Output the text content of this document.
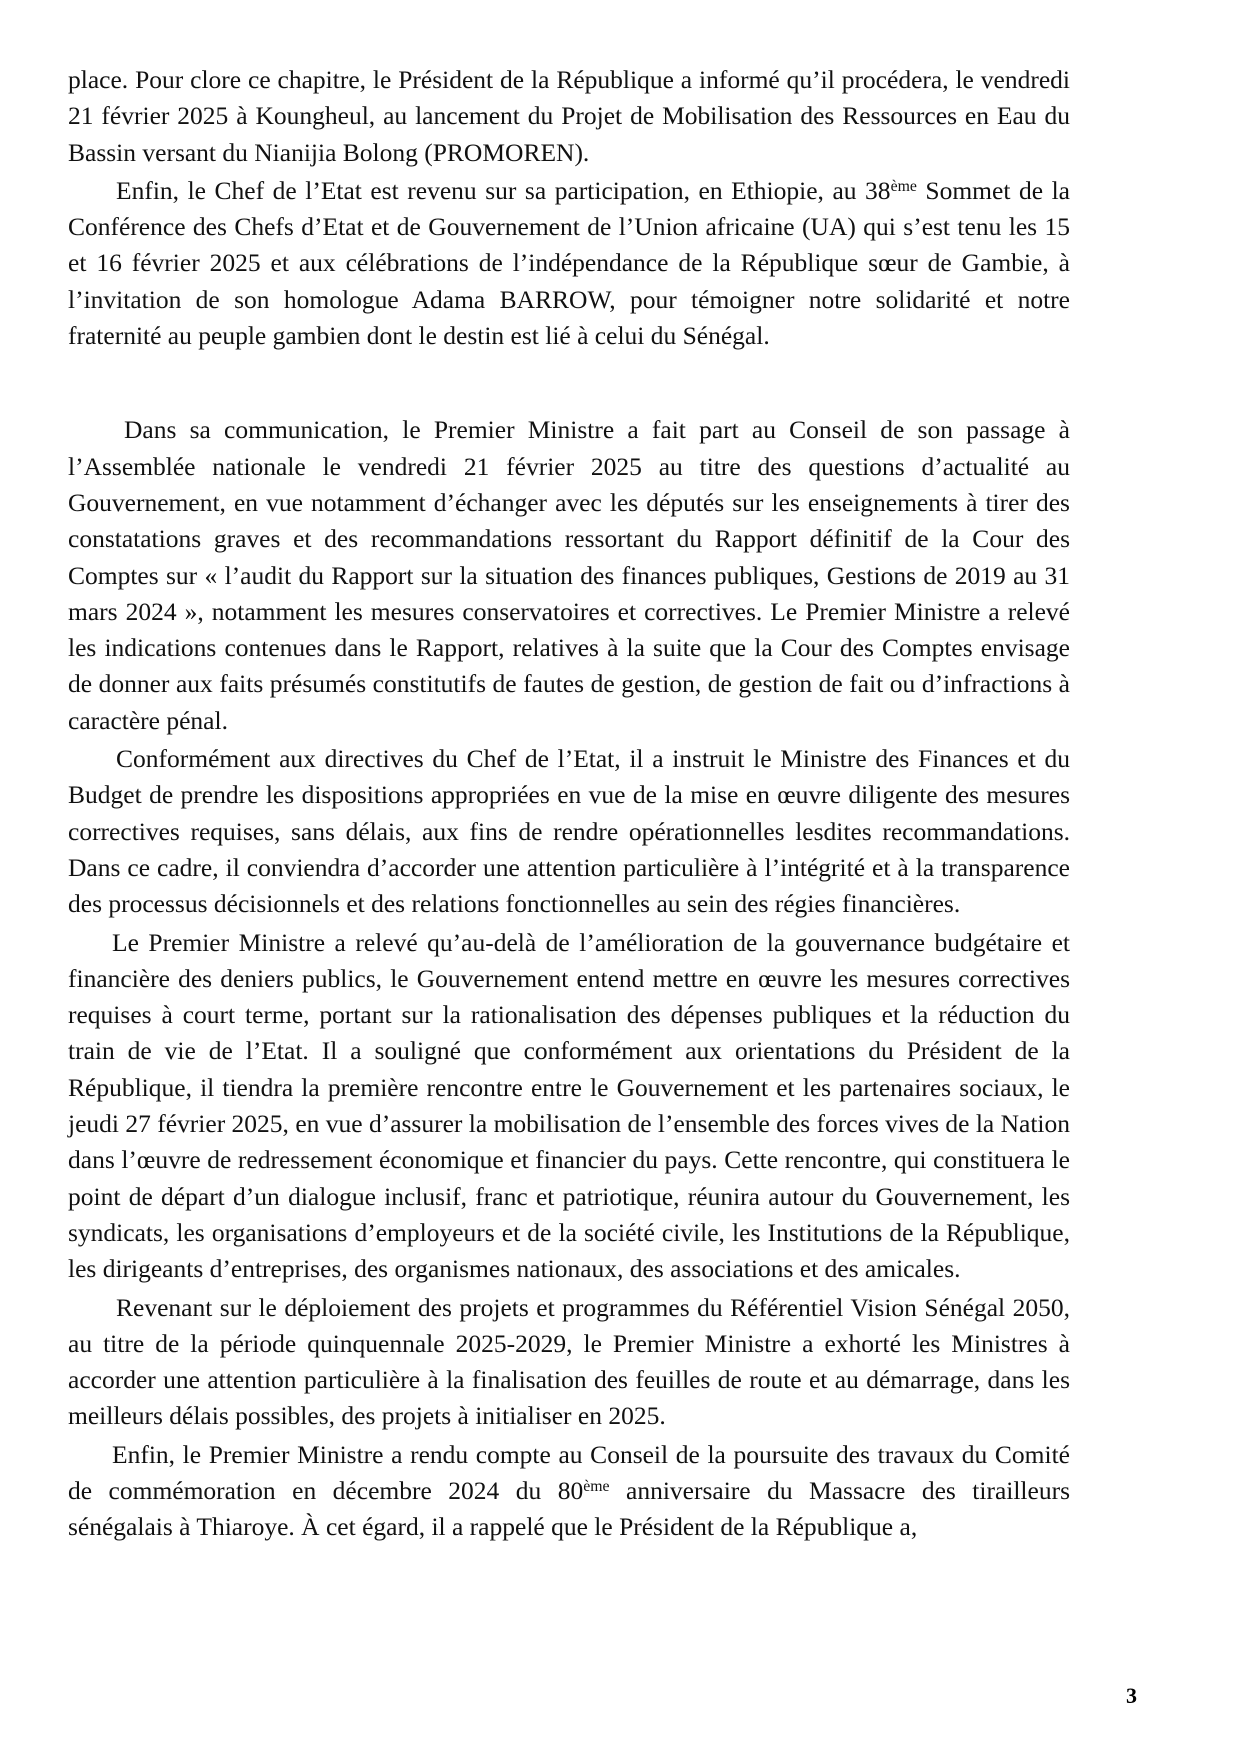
place. Pour clore ce chapitre, le Président de la République a informé qu’il procédera, le vendredi 21 février 2025 à Koungheul, au lancement du Projet de Mobilisation des Ressources en Eau du Bassin versant du Nianijia Bolong (PROMOREN).

Enfin, le Chef de l’Etat est revenu sur sa participation, en Ethiopie, au 38ème Sommet de la Conférence des Chefs d’Etat et de Gouvernement de l’Union africaine (UA) qui s’est tenu les 15 et 16 février 2025 et aux célébrations de l’indépendance de la République sœur de Gambie, à l’invitation de son homologue Adama BARROW, pour témoigner notre solidarité et notre fraternité au peuple gambien dont le destin est lié à celui du Sénégal.

Dans sa communication, le Premier Ministre a fait part au Conseil de son passage à l’Assemblée nationale le vendredi 21 février 2025 au titre des questions d’actualité au Gouvernement, en vue notamment d’échanger avec les députés sur les enseignements à tirer des constatations graves et des recommandations ressortant du Rapport définitif de la Cour des Comptes sur « l’audit du Rapport sur la situation des finances publiques, Gestions de 2019 au 31 mars 2024 », notamment les mesures conservatoires et correctives. Le Premier Ministre a relevé les indications contenues dans le Rapport, relatives à la suite que la Cour des Comptes envisage de donner aux faits présumés constitutifs de fautes de gestion, de gestion de fait ou d’infractions à caractère pénal.

Conformément aux directives du Chef de l’Etat, il a instruit le Ministre des Finances et du Budget de prendre les dispositions appropriées en vue de la mise en œuvre diligente des mesures correctives requises, sans délais, aux fins de rendre opérationnelles lesdites recommandations. Dans ce cadre, il conviendra d’accorder une attention particulière à l’intégrité et à la transparence des processus décisionnels et des relations fonctionnelles au sein des régies financières.

Le Premier Ministre a relevé qu’au-delà de l’amélioration de la gouvernance budgétaire et financière des deniers publics, le Gouvernement entend mettre en œuvre les mesures correctives requises à court terme, portant sur la rationalisation des dépenses publiques et la réduction du train de vie de l’Etat. Il a souligné que conformément aux orientations du Président de la République, il tiendra la première rencontre entre le Gouvernement et les partenaires sociaux, le jeudi 27 février 2025, en vue d’assurer la mobilisation de l’ensemble des forces vives de la Nation dans l’œuvre de redressement économique et financier du pays. Cette rencontre, qui constituera le point de départ d’un dialogue inclusif, franc et patriotique, réunira autour du Gouvernement, les syndicats, les organisations d’employeurs et de la société civile, les Institutions de la République, les dirigeants d’entreprises, des organismes nationaux, des associations et des amicales.

Revenant sur le déploiement des projets et programmes du Référentiel Vision Sénégal 2050, au titre de la période quinquennale 2025-2029, le Premier Ministre a exhorté les Ministres à accorder une attention particulière à la finalisation des feuilles de route et au démarrage, dans les meilleurs délais possibles, des projets à initialiser en 2025.

Enfin, le Premier Ministre a rendu compte au Conseil de la poursuite des travaux du Comité de commémoration en décembre 2024 du 80ème anniversaire du Massacre des tirailleurs sénégalais à Thiaroye. À cet égard, il a rappelé que le Président de la République a,

3
